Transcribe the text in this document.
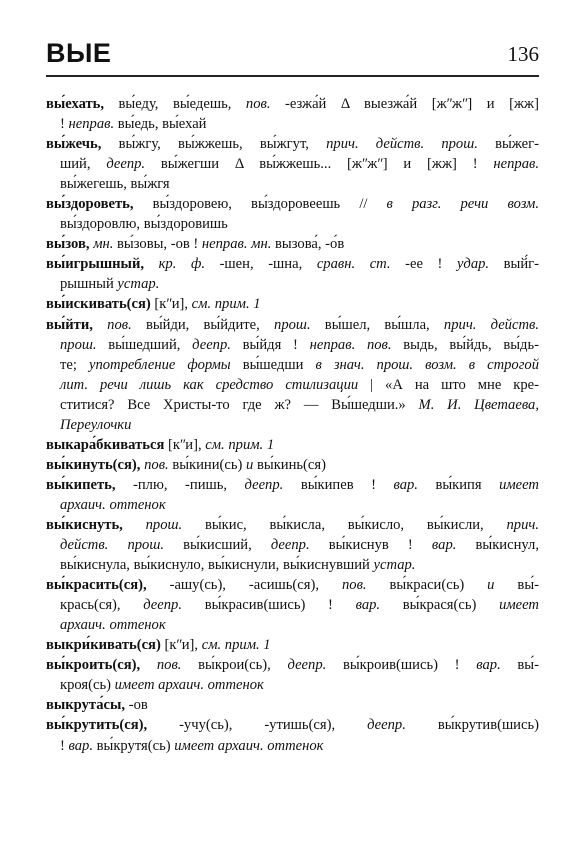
ВЫЕ	136
вы́ехать, вы́еду, вы́едешь, пов. -езжа́й Δ выезжа́й [жʺжʺ] и [жж]
! неправ. вы́едь, вы́ехай
вы́жечь, вы́жгу, вы́жжешь, вы́жгут, прич. действ. прош. вы́жег-
ший, деепр. вы́жегши Δ вы́жжешь... [жʺжʺ] и [жж] ! неправ.
вы́жегешь, вы́жгя
вы́здороветь, вы́здоровею, вы́здоровеешь // в разг. речи возм.
вы́здоровлю, вы́здоровишь
вы́зов, мн. вы́зовы, -ов ! неправ. мн. вызова́, -о́в
вы́игрышный, кр. ф. -шен, -шна, сравн. ст. -ее ! удар. вый́г-
рышный устар.
вы́искивать(ся) [кʺи], см. прим. 1
вы́йти, пов. вы́йди, вы́йдите, прош. вы́шел, вы́шла, прич. действ.
прош. вы́шедший, деепр. вы́йдя ! неправ. пов. выдь, вы́йдь, вы́дь-
те; употребление формы вы́шедши в знач. прош. возм. в строгой
лит. речи лишь как средство стилизации | «А на што мне кре-
ститися? Все Христы-то где ж? — Вы́шедши.» М. И. Цветаева,
Переулочки
выкара́бкиваться [кʺи], см. прим. 1
вы́кинуть(ся), пов. вы́кини(сь) и вы́кинь(ся)
вы́кипеть, -плю, -пишь, деепр. вы́кипев ! вар. вы́кипя имеет
архаич. оттенок
вы́киснуть, прош. вы́кис, вы́кисла, вы́кисло, вы́кисли, прич.
действ. прош. вы́кисший, деепр. вы́киснув ! вар. вы́киснул,
вы́киснула, вы́киснуло, вы́киснули, вы́киснувший устар.
вы́красить(ся), -ашу(сь), -асишь(ся), пов. вы́краси(сь) и вы́-
крась(ся), деепр. вы́красив(шись) ! вар. вы́крася(сь) имеет
архаич. оттенок
выкри́кивать(ся) [кʺи], см. прим. 1
вы́кроить(ся), пов. вы́крои(сь), деепр. вы́кроив(шись) ! вар. вы́-
кроя(сь) имеет архаич. оттенок
выкрута́сы, -ов
вы́крутить(ся), -учу(сь), -утишь(ся), деепр. вы́крутив(шись)
! вар. вы́крутя(сь) имеет архаич. оттенок
